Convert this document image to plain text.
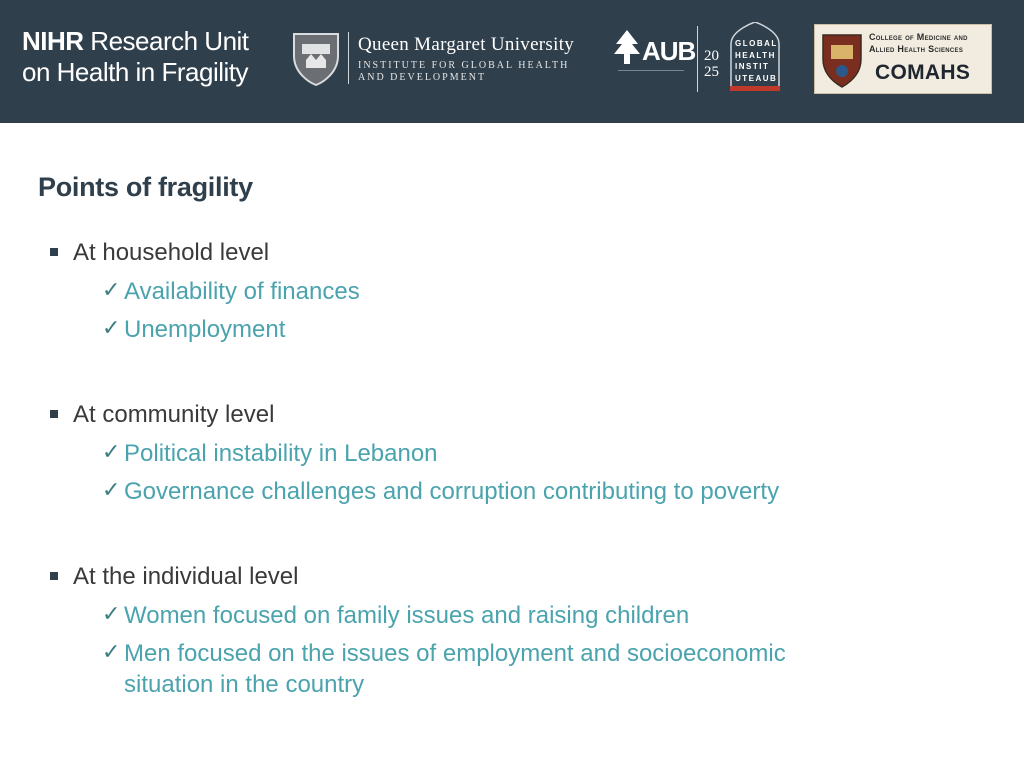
NIHR Research Unit
on Health in Fragility
Queen Margaret University
INSTITUTE FOR GLOBAL HEALTH
AND DEVELOPMENT
AUB
———————————
20
25
GLOBAL
HEALTH
INSTIT
UTEAUB
College of Medicine and
Allied Health Sciences
COMAHS
Points of fragility
At household level
✓ Availability of finances
✓ Unemployment
At community level
✓ Political instability in Lebanon
✓ Governance challenges and corruption contributing to poverty
At the individual level
✓ Women focused on family issues and raising children
✓ Men focused on the issues of employment and socioeconomic situation in the country
